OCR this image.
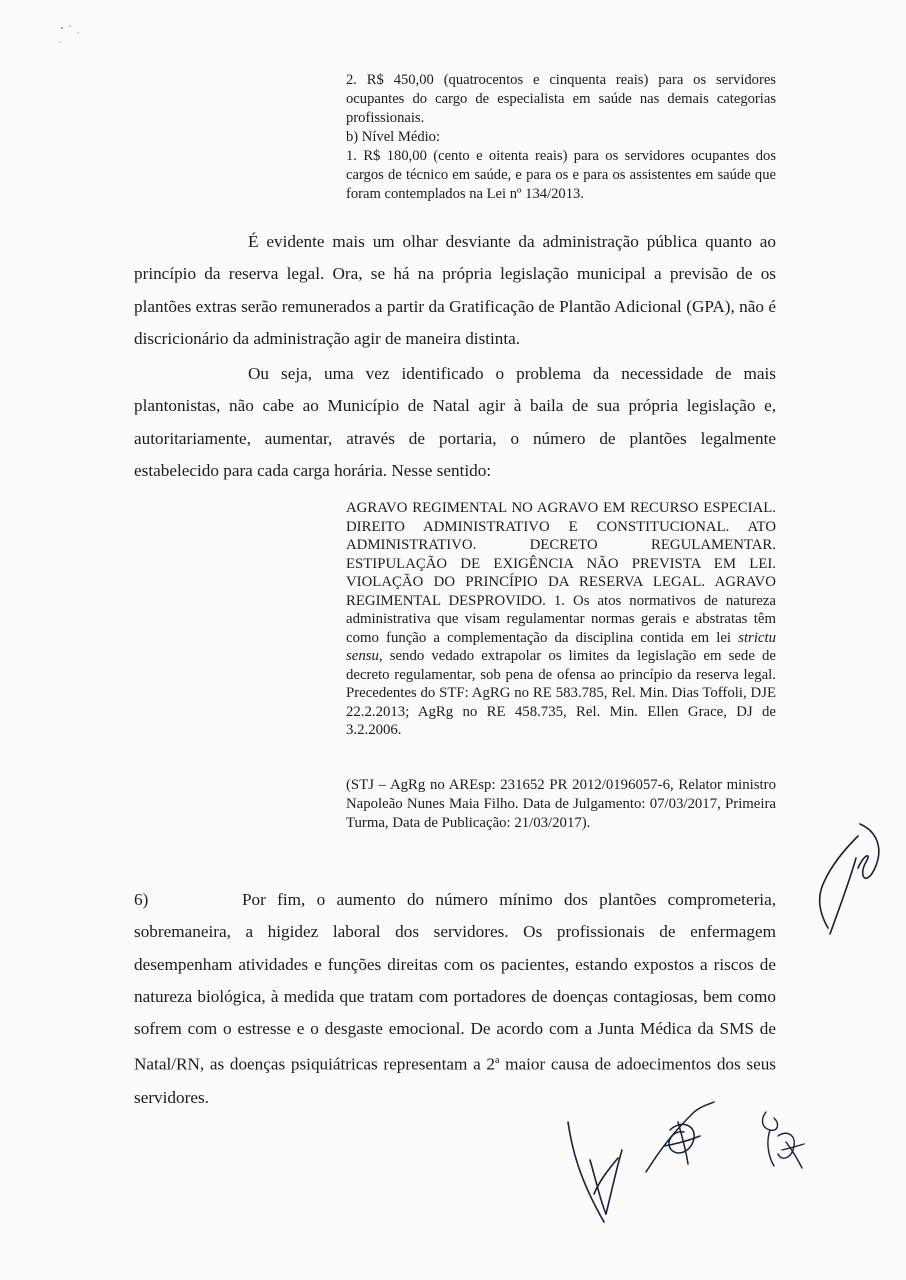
2. R$ 450,00 (quatrocentos e cinquenta reais) para os servidores ocupantes do cargo de especialista em saúde nas demais categorias profissionais.

b) Nível Médio:

1. R$ 180,00 (cento e oitenta reais) para os servidores ocupantes dos cargos de técnico em saúde, e para os e para os assistentes em saúde que foram contemplados na Lei nº 134/2013.

É evidente mais um olhar desviante da administração pública quanto ao princípio da reserva legal. Ora, se há na própria legislação municipal a previsão de os plantões extras serão remunerados a partir da Gratificação de Plantão Adicional (GPA), não é discricionário da administração agir de maneira distinta.

Ou seja, uma vez identificado o problema da necessidade de mais plantonistas, não cabe ao Município de Natal agir à baila de sua própria legislação e, autoritariamente, aumentar, através de portaria, o número de plantões legalmente estabelecido para cada carga horária. Nesse sentido:

AGRAVO REGIMENTAL NO AGRAVO EM RECURSO ESPECIAL. DIREITO ADMINISTRATIVO E CONSTITUCIONAL. ATO ADMINISTRATIVO. DECRETO REGULAMENTAR. ESTIPULAÇÃO DE EXIGÊNCIA NÃO PREVISTA EM LEI. VIOLAÇÃO DO PRINCÍPIO DA RESERVA LEGAL. AGRAVO REGIMENTAL DESPROVIDO. 1. Os atos normativos de natureza administrativa que visam regulamentar normas gerais e abstratas têm como função a complementação da disciplina contida em lei strictu sensu, sendo vedado extrapolar os limites da legislação em sede de decreto regulamentar, sob pena de ofensa ao princípio da reserva legal. Precedentes do STF: AgRG no RE 583.785, Rel. Min. Dias Toffoli, DJE 22.2.2013; AgRg no RE 458.735, Rel. Min. Ellen Grace, DJ de 3.2.2006.

(STJ – AgRg no AREsp: 231652 PR 2012/0196057-6, Relator ministro Napoleão Nunes Maia Filho. Data de Julgamento: 07/03/2017, Primeira Turma, Data de Publicação: 21/03/2017).

6)	Por fim, o aumento do número mínimo dos plantões comprometeria, sobremaneira, a higidez laboral dos servidores. Os profissionais de enfermagem desempenham atividades e funções direitas com os pacientes, estando expostos a riscos de natureza biológica, à medida que tratam com portadores de doenças contagiosas, bem como sofrem com o estresse e o desgaste emocional. De acordo com a Junta Médica da SMS de Natal/RN, as doenças psiquiátricas representam a 2$^a$ maior causa de adoecimentos dos seus servidores.
